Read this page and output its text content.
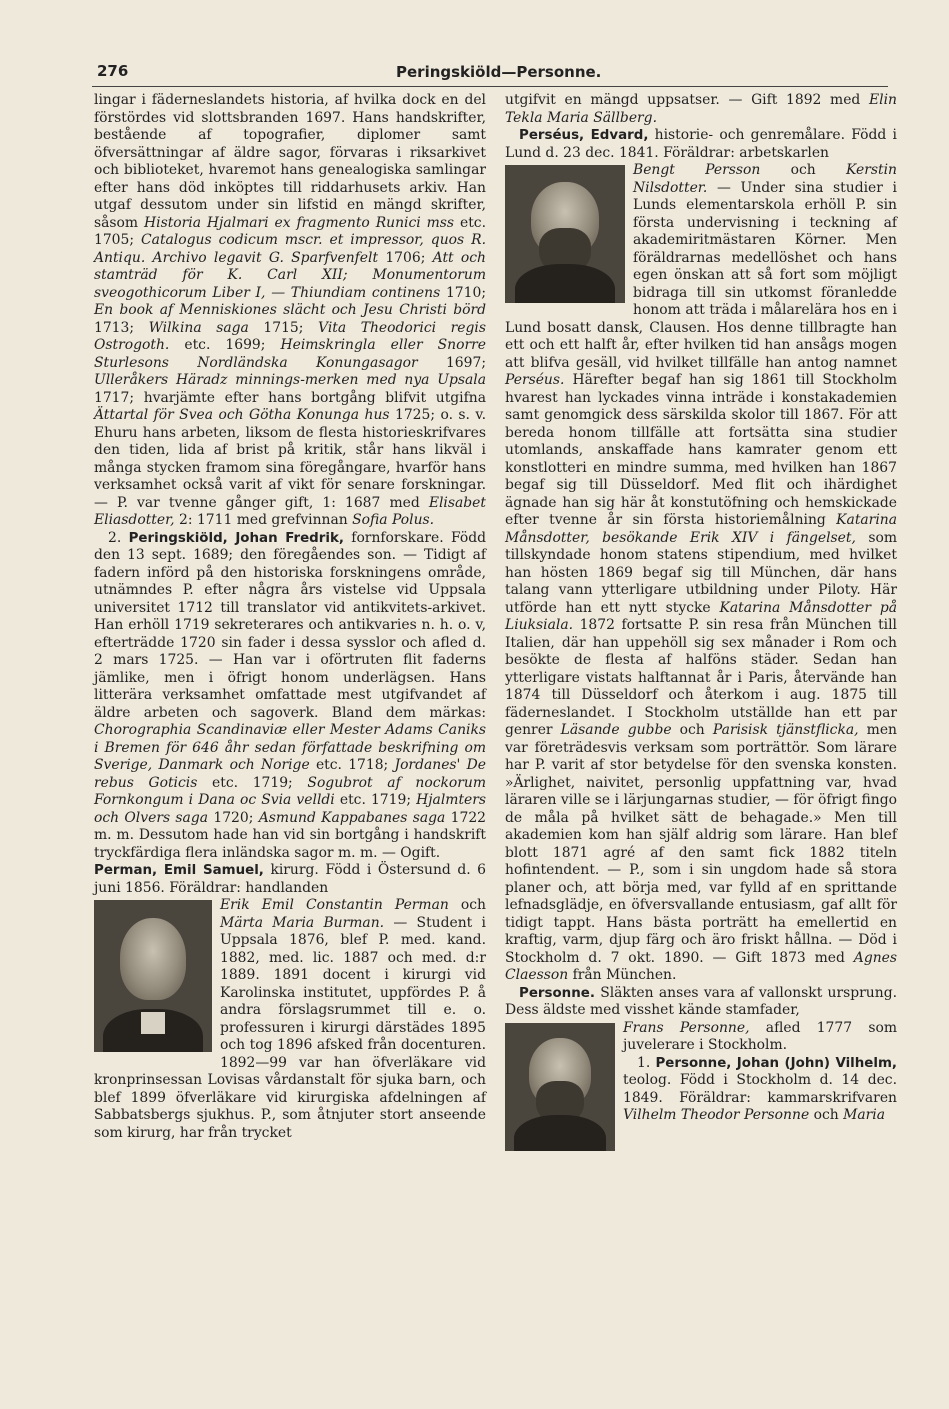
276	Peringskiöld—Personne.

lingar i fäderneslandets historia, af hvilka dock en del förstördes vid slottsbranden 1697. Hans handskrifter, bestående af topografier, diplomer samt öfversättningar af äldre sagor, förvaras i riksarkivet och biblioteket, hvaremot hans genealogiska samlingar efter hans död inköptes till riddarhusets arkiv. Han utgaf dessutom under sin lifstid en mängd skrifter, såsom Historia Hjalmari ex fragmento Runici mss etc. 1705; Catalogus codicum mscr. et impressor, quos R. Antiqu. Archivo legavit G. Sparfvenfelt 1706; Att och stamträd för K. Carl XII; Monumentorum sveogothicorum Liber I, — Thiundiam continens 1710; En book af Menniskiones slächt och Jesu Christi börd 1713; Wilkina saga 1715; Vita Theodorici regis Ostrogoth. etc. 1699; Heimskringla eller Snorre Sturlesons Nordländska Konungasagor 1697; Ulleråkers Häradz minnings-merken med nya Upsala 1717; hvarjämte efter hans bortgång blifvit utgifna Ättartal för Svea och Götha Konunga hus 1725; o. s. v. Ehuru hans arbeten, liksom de flesta historieskrifvares den tiden, lida af brist på kritik, står hans likväl i många stycken framom sina föregångare, hvarför hans verksamhet också varit af vikt för senare forskningar. — P. var tvenne gånger gift, 1: 1687 med Elisabet Eliasdotter, 2: 1711 med grefvinnan Sofia Polus.

2. Peringskiöld, Johan Fredrik, fornforskare. Född den 13 sept. 1689; den föregåendes son. — Tidigt af fadern införd på den historiska forskningens område, utnämndes P. efter några års vistelse vid Uppsala universitet 1712 till translator vid antikvitets-arkivet. Han erhöll 1719 sekreterares och antikvaries n. h. o. v, efterträdde 1720 sin fader i dessa sysslor och afled d. 2 mars 1725. — Han var i oförtruten flit faderns jämlike, men i öfrigt honom underlägsen. Hans litterära verksamhet omfattade mest utgifvandet af äldre arbeten och sagoverk. Bland dem märkas: Chorographia Scandinaviæ eller Mester Adams Caniks i Bremen för 646 åhr sedan författade beskrifning om Sverige, Danmark och Norige etc. 1718; Jordanes' De rebus Goticis etc. 1719; Sogubrot af nockorum Fornkongum i Dana oc Svia velldi etc. 1719; Hjalmters och Olvers saga 1720; Asmund Kappabanes saga 1722 m. m. Dessutom hade han vid sin bortgång i handskrift tryckfärdiga flera inländska sagor m. m. — Ogift.

Perman, Emil Samuel, kirurg. Född i Östersund d. 6 juni 1856. Föräldrar: handlanden

Erik Emil Constantin Perman och Märta Maria Burman. — Student i Uppsala 1876, blef P. med. kand. 1882, med. lic. 1887 och med. d:r 1889. 1891 docent i kirurgi vid Karolinska institutet, uppfördes P. å andra förslagsrummet till e. o. professuren i kirurgi därstädes 1895 och tog 1896 afsked från docenturen. 1892—99 var han öfverläkare vid kronprinsessan Lovisas vårdanstalt för sjuka barn, och blef 1899 öfverläkare vid kirurgiska afdelningen af Sabbatsbergs sjukhus. P., som åtnjuter stort anseende som kirurg, har från trycket

utgifvit en mängd uppsatser. — Gift 1892 med Elin Tekla Maria Sällberg.

Perséus, Edvard, historie- och genremålare. Född i Lund d. 23 dec. 1841. Föräldrar: arbetskarlen

Bengt Persson och Kerstin Nilsdotter. — Under sina studier i Lunds elementarskola erhöll P. sin första undervisning i teckning af akademiritmästaren Körner. Men föräldrarnas medellöshet och hans egen önskan att så fort som möjligt bidraga till sin utkomst föranledde honom att träda i målarelära hos en i Lund bosatt dansk, Clausen. Hos denne tillbragte han ett och ett halft år, efter hvilken tid han ansågs mogen att blifva gesäll, vid hvilket tillfälle han antog namnet Perséus. Härefter begaf han sig 1861 till Stockholm hvarest han lyckades vinna inträde i konstakademien samt genomgick dess särskilda skolor till 1867. För att bereda honom tillfälle att fortsätta sina studier utomlands, anskaffade hans kamrater genom ett konstlotteri en mindre summa, med hvilken han 1867 begaf sig till Düsseldorf. Med flit och ihärdighet ägnade han sig här åt konstutöfning och hemskickade efter tvenne år sin första historiemålning Katarina Månsdotter, besökande Erik XIV i fängelset, som tillskyndade honom statens stipendium, med hvilket han hösten 1869 begaf sig till München, där hans talang vann ytterligare utbildning under Piloty. Här utförde han ett nytt stycke Katarina Månsdotter på Liuksiala. 1872 fortsatte P. sin resa från München till Italien, där han uppehöll sig sex månader i Rom och besökte de flesta af halföns städer. Sedan han ytterligare vistats halftannat år i Paris, återvände han 1874 till Düsseldorf och återkom i aug. 1875 till fäderneslandet. I Stockholm utställde han ett par genrer Läsande gubbe och Parisisk tjänstflicka, men var företrädesvis verksam som porträttör. Som lärare har P. varit af stor betydelse för den svenska konsten. »Ärlighet, naivitet, personlig uppfattning var, hvad läraren ville se i lärjungarnas studier, — för öfrigt fingo de måla på hvilket sätt de behagade.» Men till akademien kom han själf aldrig som lärare. Han blef blott 1871 agré af den samt fick 1882 titeln hofintendent. — P., som i sin ungdom hade så stora planer och, att börja med, var fylld af en sprittande lefnadsglädje, en öfversvallande entusiasm, gaf allt för tidigt tappt. Hans bästa porträtt ha emellertid en kraftig, varm, djup färg och äro friskt hållna. — Död i Stockholm d. 7 okt. 1890. — Gift 1873 med Agnes Claesson från München.

Personne. Släkten anses vara af vallonskt ursprung. Dess äldste med visshet kände stamfader,

Frans Personne, afled 1777 som juvelerare i Stockholm.

1. Personne, Johan (John) Vilhelm, teolog. Född i Stockholm d. 14 dec. 1849. Föräldrar: kammarskrifvaren Vilhelm Theodor Personne och Maria
